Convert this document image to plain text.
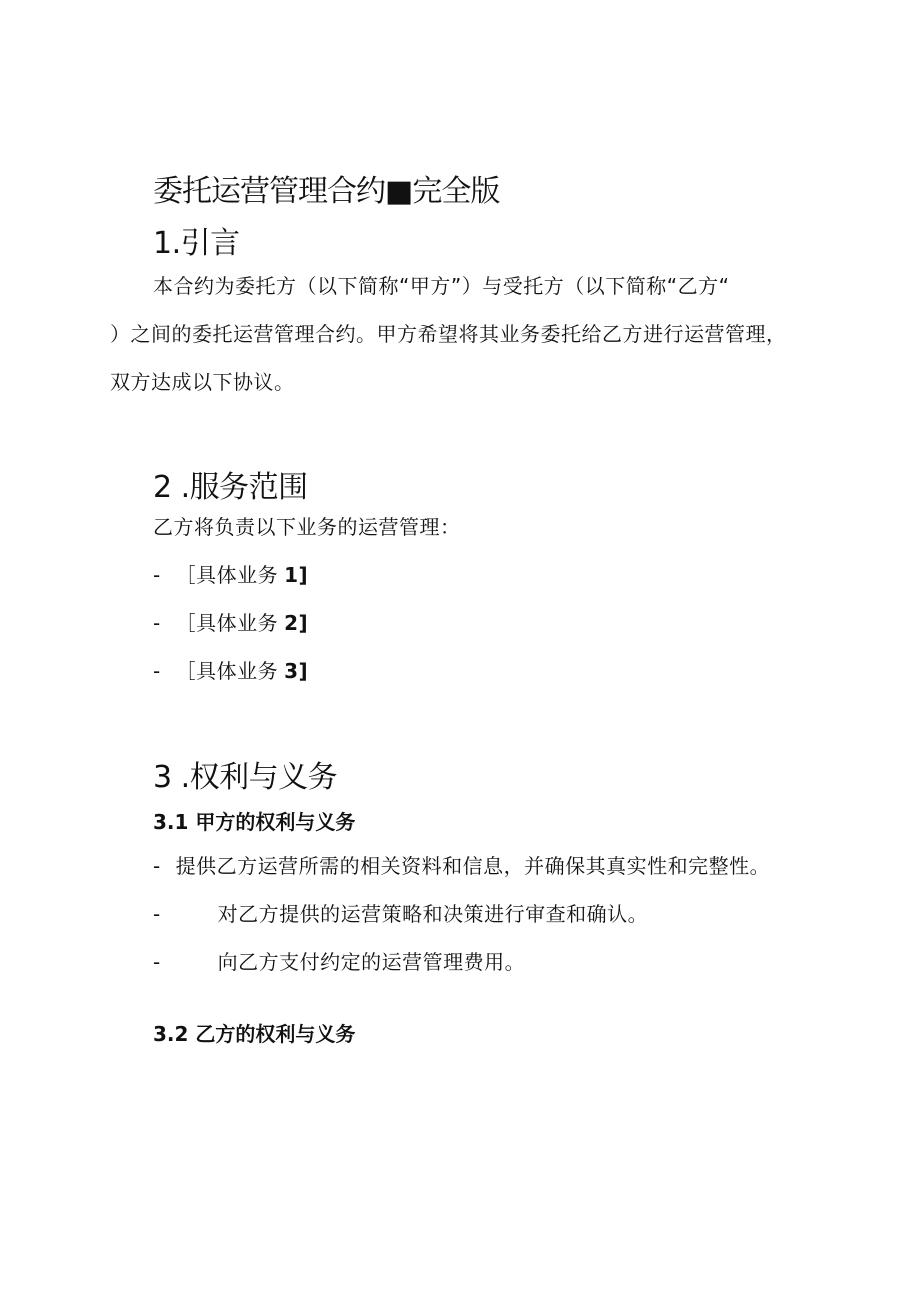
委托运营管理合约■完全版
1.引言
本合约为委托方（以下简称“甲方”）与受托方（以下简称“乙方“
）之间的委托运营管理合约。甲方希望将其业务委托给乙方进行运营管理，
双方达成以下协议。
2 .服务范围
乙方将负责以下业务的运营管理：
- ［具体业务 1]
- ［具体业务 2]
- ［具体业务 3]
3 .权利与义务
3.1 甲方的权利与义务
- 提供乙方运营所需的相关资料和信息，并确保其真实性和完整性。
-	对乙方提供的运营策略和决策进行审查和确认。
-	向乙方支付约定的运营管理费用。
3.2 乙方的权利与义务
